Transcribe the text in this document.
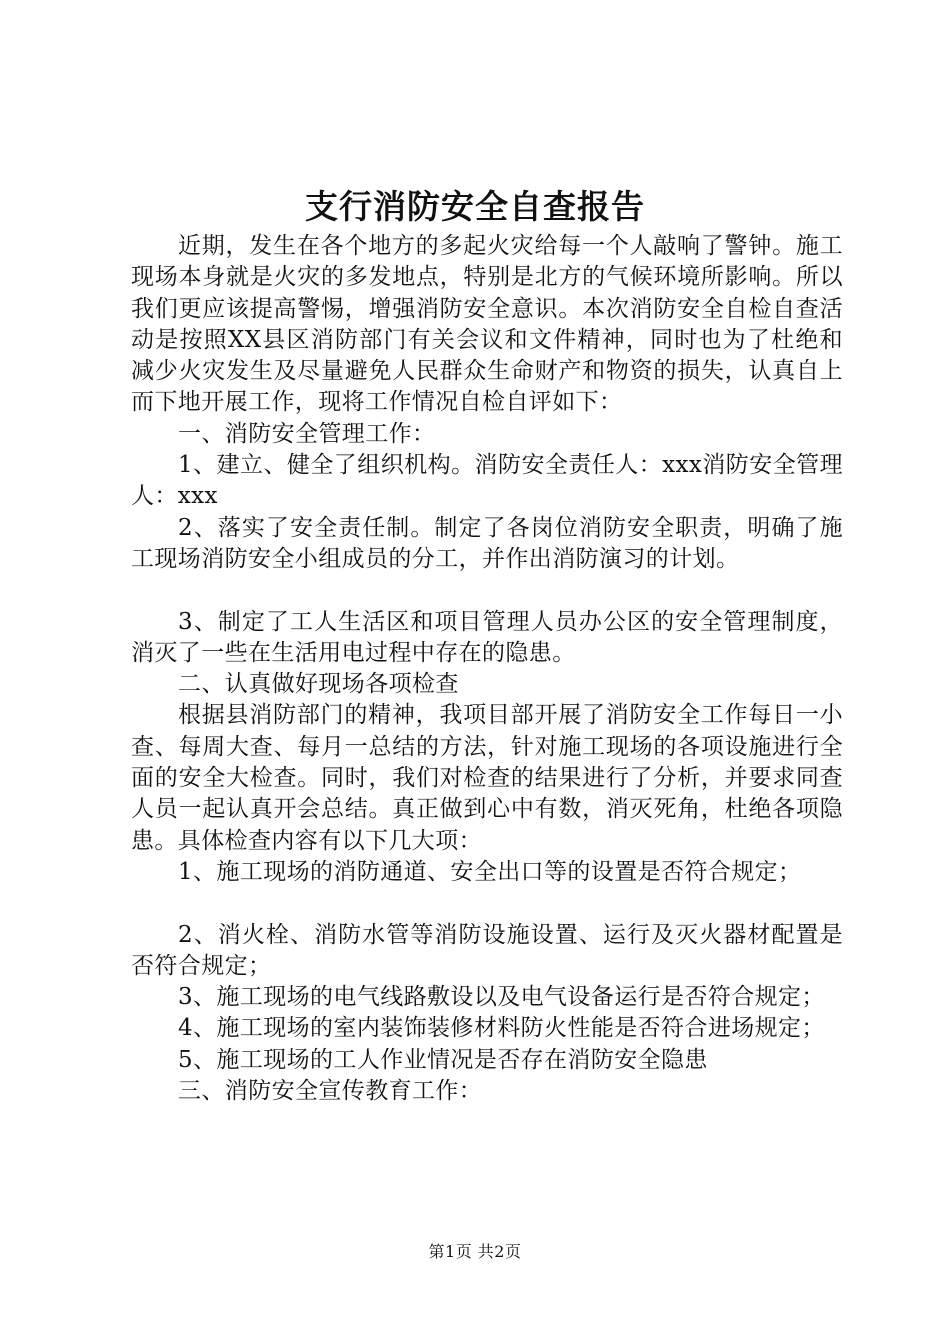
支行消防安全自查报告

近期，发生在各个地方的多起火灾给每一个人敲响了警钟。施工现场本身就是火灾的多发地点，特别是北方的气候环境所影响。所以我们更应该提高警惕，增强消防安全意识。本次消防安全自检自查活动是按照XX县区消防部门有关会议和文件精神，同时也为了杜绝和减少火灾发生及尽量避免人民群众生命财产和物资的损失，认真自上而下地开展工作，现将工作情况自检自评如下：

一、消防安全管理工作：

1、建立、健全了组织机构。消防安全责任人：xxx消防安全管理人：xxx

2、落实了安全责任制。制定了各岗位消防安全职责，明确了施工现场消防安全小组成员的分工，并作出消防演习的计划。

3、制定了工人生活区和项目管理人员办公区的安全管理制度，消灭了一些在生活用电过程中存在的隐患。

二、认真做好现场各项检查

根据县消防部门的精神，我项目部开展了消防安全工作每日一小查、每周大查、每月一总结的方法，针对施工现场的各项设施进行全面的安全大检查。同时，我们对检查的结果进行了分析，并要求同查人员一起认真开会总结。真正做到心中有数，消灭死角，杜绝各项隐患。具体检查内容有以下几大项：

1、施工现场的消防通道、安全出口等的设置是否符合规定；

2、消火栓、消防水管等消防设施设置、运行及灭火器材配置是否符合规定；

3、施工现场的电气线路敷设以及电气设备运行是否符合规定；

4、施工现场的室内装饰装修材料防火性能是否符合进场规定；

5、施工现场的工人作业情况是否存在消防安全隐患

三、消防安全宣传教育工作：

第1页 共2页
